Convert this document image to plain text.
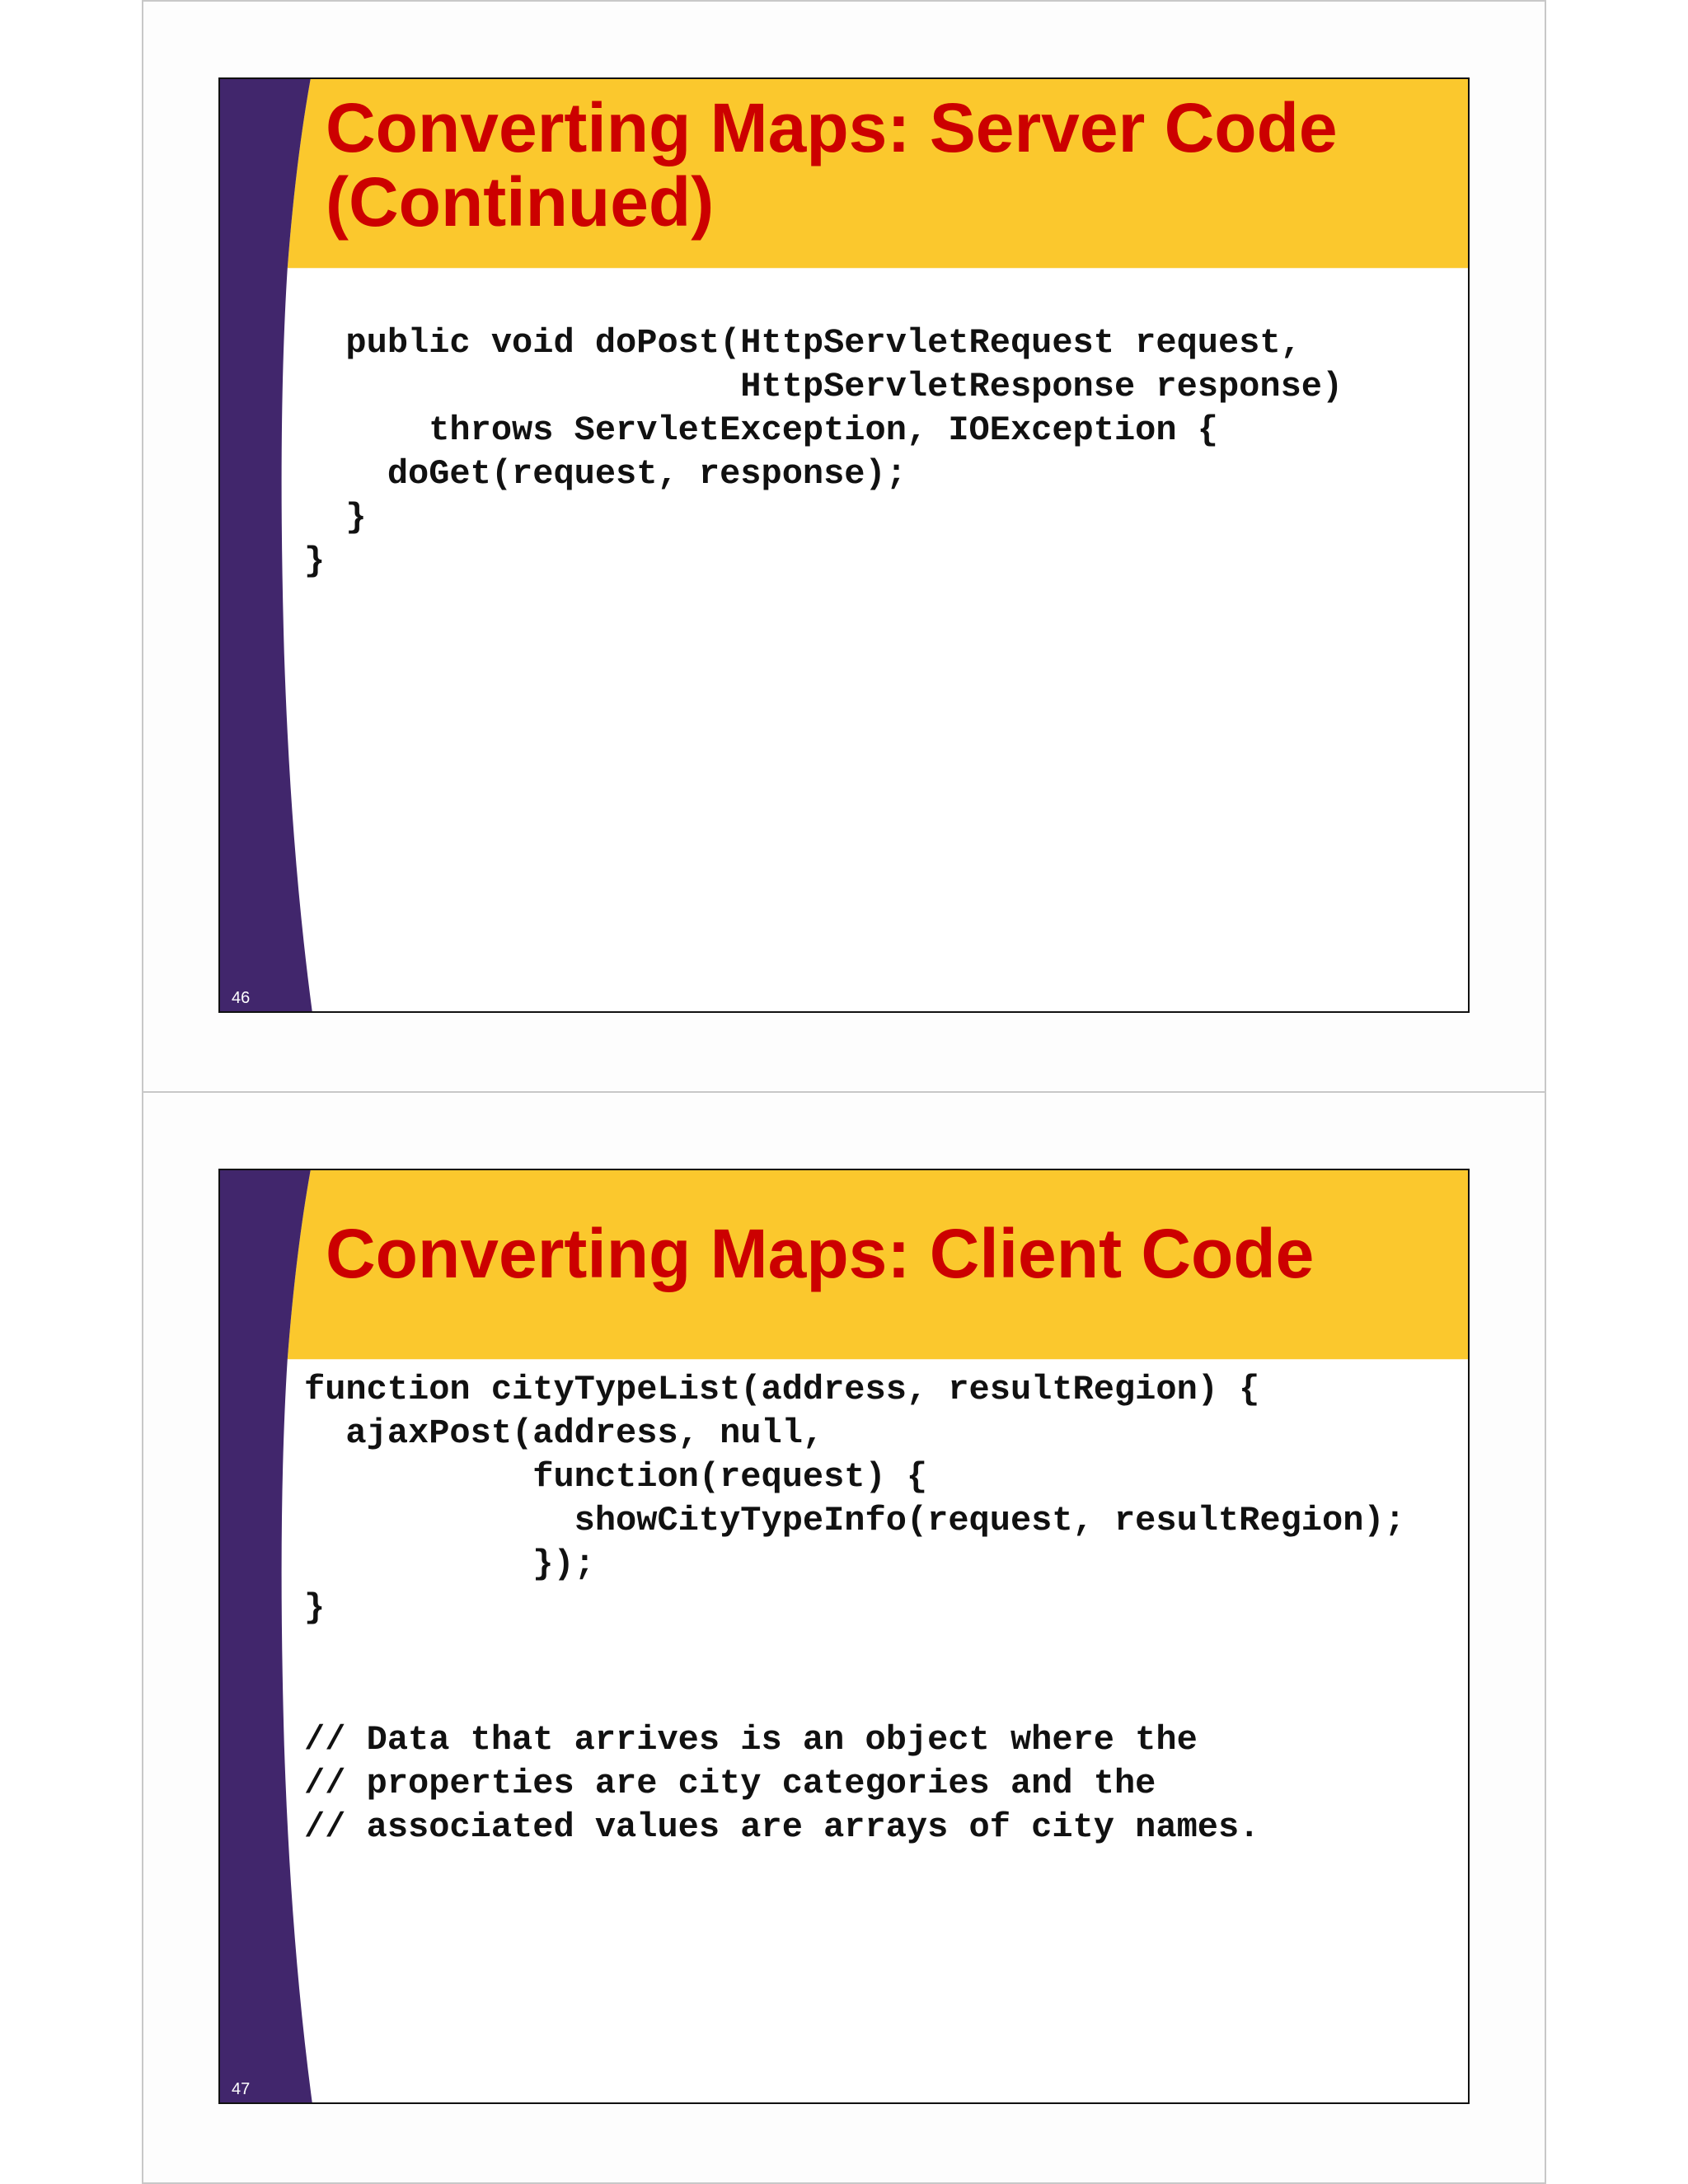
Converting Maps: Server Code
(Continued)
public void doPost(HttpServletRequest request,
HttpServletResponse response)
throws ServletException, IOException {
doGet(request, response);
}
}
46
Converting Maps: Client Code
function cityTypeList(address, resultRegion) {
ajaxPost(address, null,
function(request) {
showCityTypeInfo(request, resultRegion);
});
}
// Data that arrives is an object where the
// properties are city categories and the
// associated values are arrays of city names.
47
